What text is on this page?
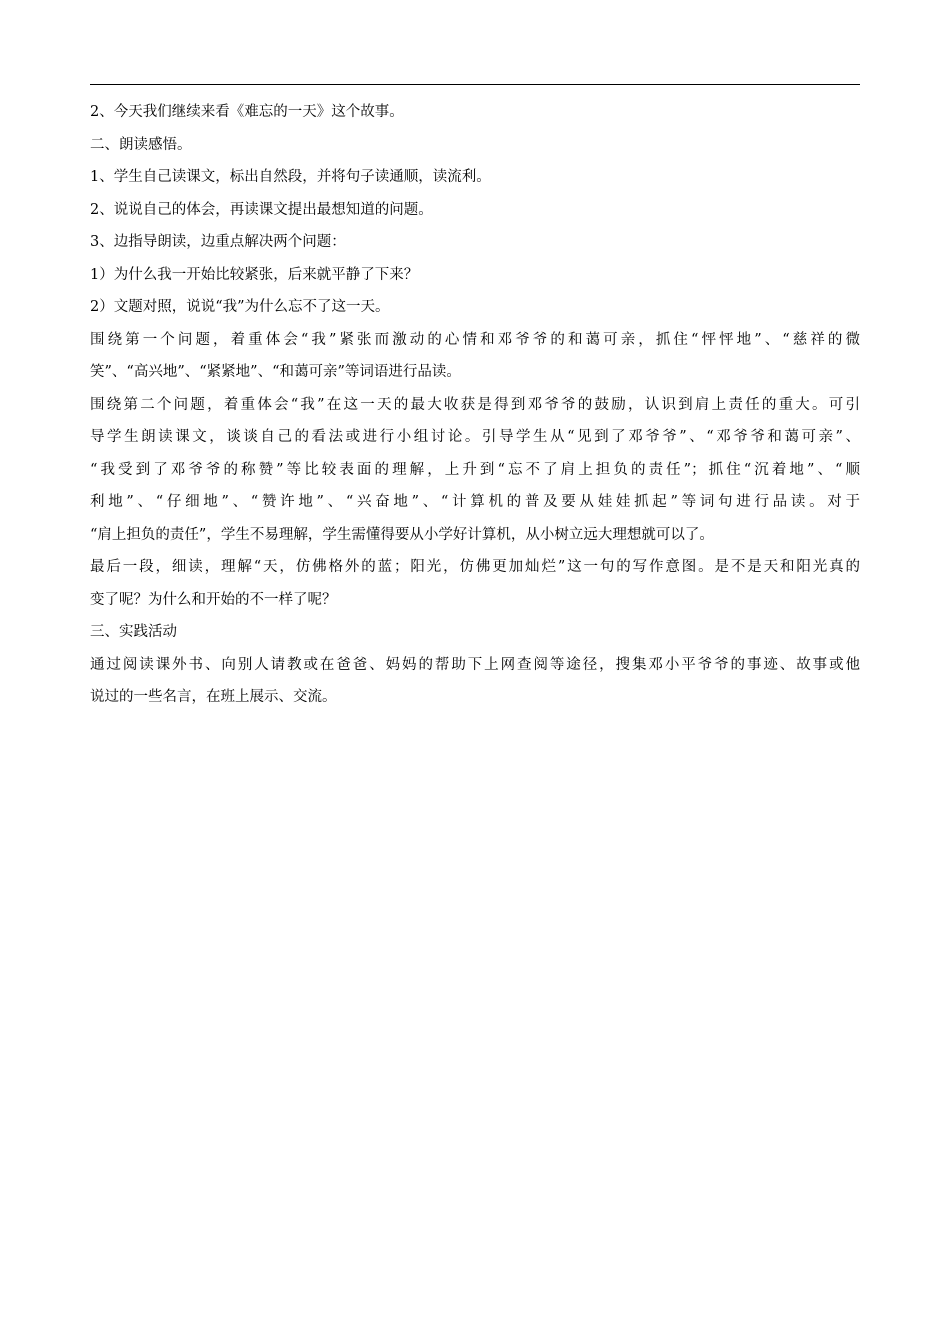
2、今天我们继续来看《难忘的一天》这个故事。
二、朗读感悟。
1、学生自己读课文，标出自然段，并将句子读通顺，读流利。
2、说说自己的体会，再读课文提出最想知道的问题。
3、边指导朗读，边重点解决两个问题：
1）为什么我一开始比较紧张，后来就平静了下来？
2）文题对照，说说“我”为什么忘不了这一天。
围绕第一个问题，着重体会“我”紧张而激动的心情和邓爷爷的和蔼可亲，抓住“怦怦地”、“慈祥的微
笑”、“高兴地”、“紧紧地”、“和蔼可亲”等词语进行品读。
围绕第二个问题，着重体会“我”在这一天的最大收获是得到邓爷爷的鼓励，认识到肩上责任的重大。可引
导学生朗读课文，谈谈自己的看法或进行小组讨论。引导学生从“见到了邓爷爷”、“邓爷爷和蔼可亲”、
“我受到了邓爷爷的称赞”等比较表面的理解，上升到“忘不了肩上担负的责任”；抓住“沉着地”、“顺
利地”、“仔细地”、“赞许地”、“兴奋地”、“计算机的普及要从娃娃抓起”等词句进行品读。对于
“肩上担负的责任”，学生不易理解，学生需懂得要从小学好计算机，从小树立远大理想就可以了。
最后一段，细读，理解“天，仿佛格外的蓝；阳光，仿佛更加灿烂”这一句的写作意图。是不是天和阳光真的
变了呢？为什么和开始的不一样了呢？
三、实践活动
通过阅读课外书、向别人请教或在爸爸、妈妈的帮助下上网查阅等途径，搜集邓小平爷爷的事迹、故事或他
说过的一些名言，在班上展示、交流。
